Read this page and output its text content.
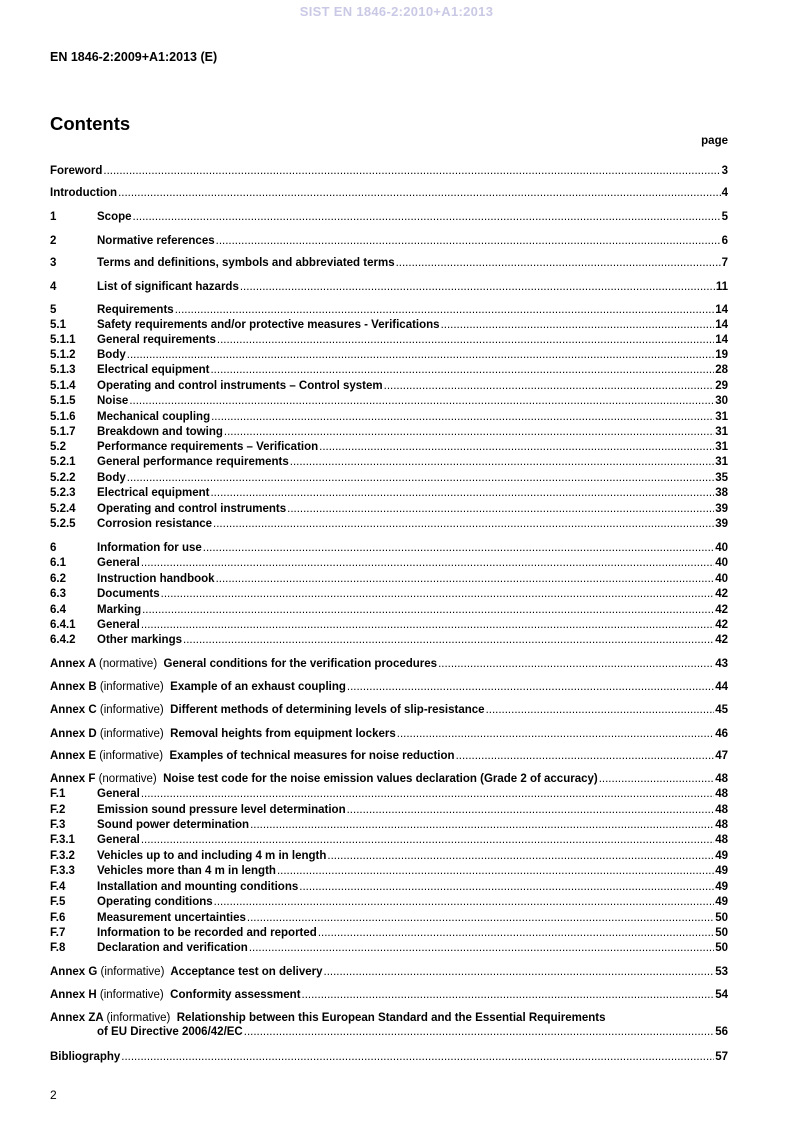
SIST EN 1846-2:2010+A1:2013
EN 1846-2:2009+A1:2013 (E)
Contents
page
Foreword .....	3
Introduction .....	4
1	Scope .....	5
2	Normative references .....	6
3	Terms and definitions, symbols and abbreviated terms .....	7
4	List of significant hazards .....	11
5	Requirements .....	14
5.1	Safety requirements and/or protective measures - Verifications .....	14
5.1.1	General requirements .....	14
5.1.2	Body .....	19
5.1.3	Electrical equipment .....	28
5.1.4	Operating and control instruments – Control system .....	29
5.1.5	Noise .....	30
5.1.6	Mechanical coupling .....	31
5.1.7	Breakdown and towing .....	31
5.2	Performance requirements – Verification .....	31
5.2.1	General performance requirements .....	31
5.2.2	Body .....	35
5.2.3	Electrical equipment .....	38
5.2.4	Operating and control instruments .....	39
5.2.5	Corrosion resistance .....	39
6	Information for use .....	40
6.1	General .....	40
6.2	Instruction handbook .....	40
6.3	Documents .....	42
6.4	Marking .....	42
6.4.1	General .....	42
6.4.2	Other markings .....	42
Annex A (normative) General conditions for the verification procedures .....	43
Annex B (informative) Example of an exhaust coupling .....	44
Annex C (informative) Different methods of determining levels of slip-resistance .....	45
Annex D (informative) Removal heights from equipment lockers .....	46
Annex E (informative) Examples of technical measures for noise reduction .....	47
Annex F (normative) Noise test code for the noise emission values declaration (Grade 2 of accuracy) .....	48
F.1	General .....	48
F.2	Emission sound pressure level determination .....	48
F.3	Sound power determination .....	48
F.3.1	General .....	48
F.3.2	Vehicles up to and including 4 m in length .....	49
F.3.3	Vehicles more than 4 m in length .....	49
F.4	Installation and mounting conditions .....	49
F.5	Operating conditions .....	49
F.6	Measurement uncertainties .....	50
F.7	Information to be recorded and reported .....	50
F.8	Declaration and verification .....	50
Annex G (informative) Acceptance test on delivery .....	53
Annex H (informative) Conformity assessment .....	54
Annex ZA (informative) Relationship between this European Standard and the Essential Requirements
of EU Directive 2006/42/EC .....	56
Bibliography .....	57
2
